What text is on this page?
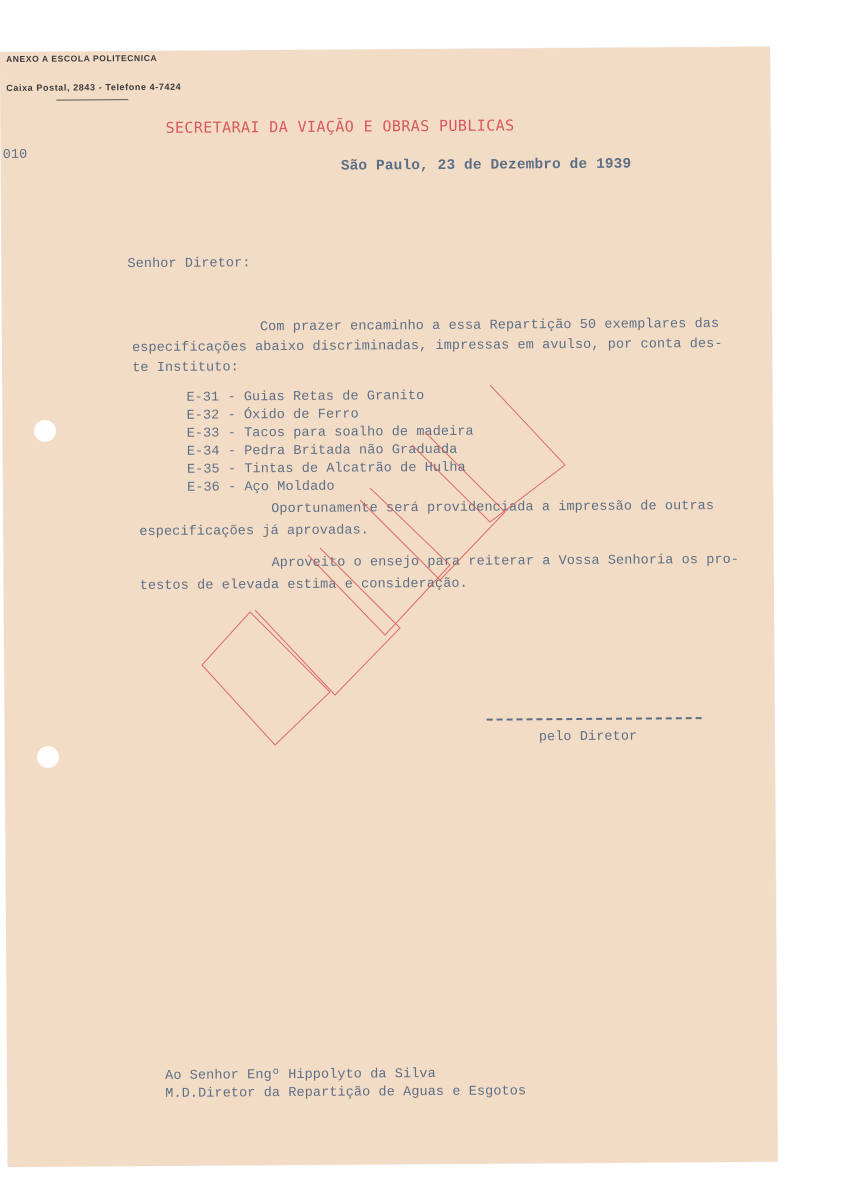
ANEXO A ESCOLA POLITECNICA
Caixa Postal, 2843 - Telefone 4-7424
010
SECRETARAI DA VIAÇÃO E OBRAS PUBLICAS
São Paulo, 23 de Dezembro de 1939
Senhor Diretor:
Com prazer encaminho a essa Repartição 50 exemplares das
especificações abaixo discriminadas, impressas em avulso, por conta des-
te Instituto:
E-31 - Guias Retas de Granito
E-32 - Óxido de Ferro
E-33 - Tacos para soalho de madeira
E-34 - Pedra Britada não Graduada
E-35 - Tintas de Alcatrão de Hulha
E-36 - Aço Moldado
Oportunamente será providenciada a impressão de outras
especificações já aprovadas.
Aproveito o ensejo para reiterar a Vossa Senhoria os pro-
testos de elevada estima e consideração.
pelo Diretor
Ao Senhor Engº Hippolyto da Silva
M.D.Diretor da Repartição de Aguas e Esgotos
